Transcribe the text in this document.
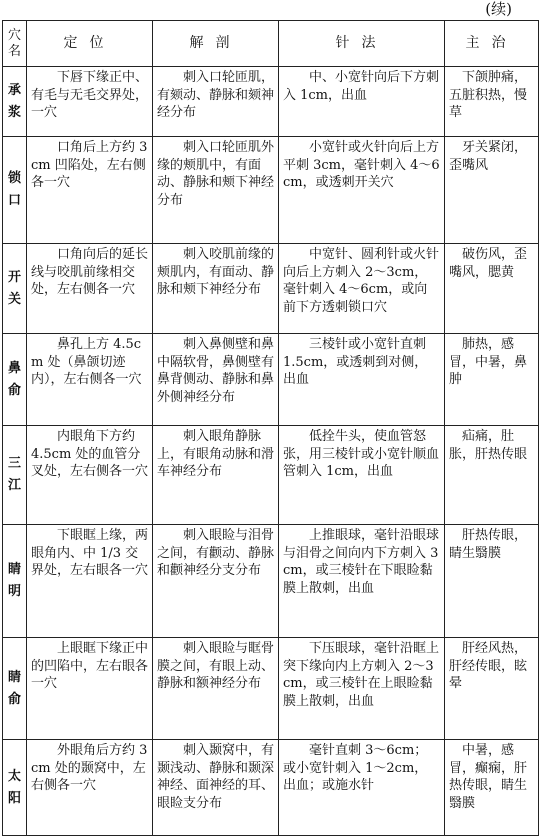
(续)
穴名	定位	解剖	针法	主治
承浆	下唇下缘正中、有毛与无毛交界处，一穴	刺入口轮匝肌，有颏动、静脉和颏神经分布	中、小宽针向后下方刺入 1cm，出血	下颌肿痛，五脏积热，慢草
锁口	口角后上方约 3cm 凹陷处，左右侧各一穴	刺入口轮匝肌外缘的颊肌中，有面动、静脉和颊下神经分布	小宽针或火针向后上方平刺 3cm，毫针刺入 4～6cm，或透刺开关穴	牙关紧闭，歪嘴风
开关	口角向后的延长线与咬肌前缘相交处，左右侧各一穴	刺入咬肌前缘的颊肌内，有面动、静脉和颊下神经分布	中宽针、圆利针或火针向后上方刺入 2～3cm，毫针刺入 4～6cm，或向前下方透刺锁口穴	破伤风，歪嘴风，腮黄
鼻俞	鼻孔上方 4.5cm 处（鼻颌切迹内），左右侧各一穴	刺入鼻侧壁和鼻中隔软骨，鼻侧壁有鼻背侧动、静脉和鼻外侧神经分布	三棱针或小宽针直刺 1.5cm，或透刺到对侧，出血	肺热，感冒，中暑，鼻肿
三江	内眼角下方约 4.5cm 处的血管分叉处，左右侧各一穴	刺入眼角静脉上，有眼角动脉和滑车神经分布	低拴牛头，使血管怒张，用三棱针或小宽针顺血管刺入 1cm，出血	疝痛，肚胀，肝热传眼
睛明	下眼眶上缘，两眼角内、中 1/3 交界处，左右眼各一穴	刺入眼睑与泪骨之间，有颧动、静脉和颧神经分支分布	上推眼球，毫针沿眼球与泪骨之间向内下方刺入 3cm，或三棱针在下眼睑黏膜上散刺，出血	肝热传眼，睛生翳膜
睛俞	上眼眶下缘正中的凹陷中，左右眼各一穴	刺入眼睑与眶骨膜之间，有眼上动、静脉和额神经分布	下压眼球，毫针沿眶上突下缘向内上方刺入 2～3cm，或三棱针在上眼睑黏膜上散刺，出血	肝经风热，肝经传眼，眩晕
太阳	外眼角后方约 3cm 处的颞窝中，左右侧各一穴	刺入颞窝中，有颞浅动、静脉和颞深神经、面神经的耳、眼睑支分布	毫针直刺 3～6cm；或小宽针刺入 1～2cm，出血；或施水针	中暑，感冒，癫痫，肝热传眼，睛生翳膜
